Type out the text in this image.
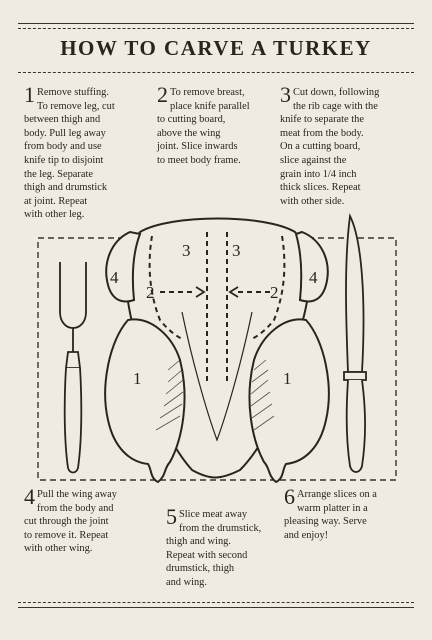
HOW TO CARVE A TURKEY
1 Remove stuffing.
To remove leg, cut
between thigh and
body. Pull leg away
from body and use
knife tip to disjoint
the leg. Separate
thigh and drumstick
at joint. Repeat
with other leg.
2 To remove breast,
place knife parallel
to cutting board,
above the wing
joint. Slice inwards
to meet body frame.
3 Cut down, following
the rib cage with the
knife to separate the
meat from the body.
On a cutting board,
slice against the
grain into 1/4 inch
thick slices. Repeat
with other side.
3 3
4	4
2	2
1	1
4 Pull the wing away
from the body and
cut through the joint
to remove it. Repeat
with other wing.
5 Slice meat away
from the drumstick,
thigh and wing.
Repeat with second
drumstick, thigh
and wing.
6 Arrange slices on a
warm platter in a
pleasing way. Serve
and enjoy!
